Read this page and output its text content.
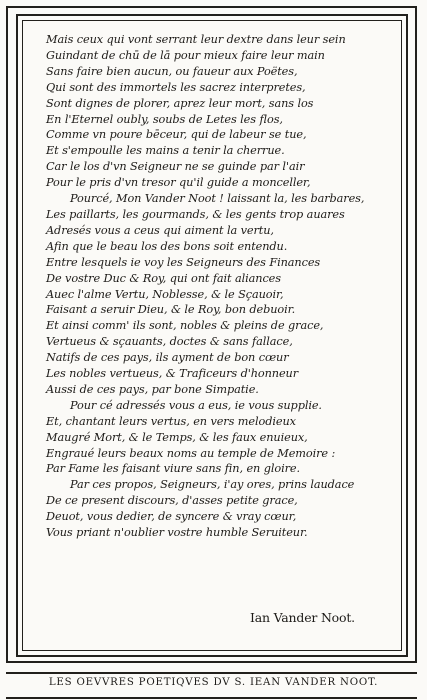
Mais ceux qui vont serrant leur dextre dans leur sein
Guindant de chū de lā pour mieux faire leur main
Sans faire bien aucun, ou faueur aux Poëtes,
Qui sont des immortels les sacrez interpretes,
Sont dignes de plorer, aprez leur mort, sans los
En l'Eternel oubly, soubs de Letes les flos,
Comme vn poure bēceur, qui de labeur se tue,
Et s'empoulle les mains a tenir la cherrue.
Car le los d'vn Seigneur ne se guinde par l'air
Pour le pris d'vn tresor qu'il guide a monceller,
Pourcé, Mon Vander Noot ! laissant la, les barbares,
Les paillarts, les gourmands, & les gents trop auares
Adresés vous a ceus qui aiment la vertu,
Afin que le beau los des bons soit entendu.
Entre lesquels ie voy les Seigneurs des Finances
De vostre Duc & Roy, qui ont fait aliances
Auec l'alme Vertu, Noblesse, & le Sçauoir,
Faisant a seruir Dieu, & le Roy, bon debuoir.
Et ainsi comm' ils sont, nobles & pleins de grace,
Vertueus & sçauants, doctes & sans fallace,
Natifs de ces pays, ils ayment de bon cœur
Les nobles vertueus, & Traficeurs d'honneur
Aussi de ces pays, par bone Simpatie.
Pour cé adressés vous a eus, ie vous supplie.
Et, chantant leurs vertus, en vers melodieux
Maugré Mort, & le Temps, & les faux enuieux,
Engraué leurs beaux noms au temple de Memoire :
Par Fame les faisant viure sans fin, en gloire.
Par ces propos, Seigneurs, i'ay ores, prins laudace
De ce present discours, d'asses petite grace,
Deuot, vous dedier, de syncere & vray cœur,
Vous priant n'oublier vostre humble Seruiteur.
Ian Vander Noot.
LES OEVVRES POETIQVES DV S. IEAN VANDER NOOT.
